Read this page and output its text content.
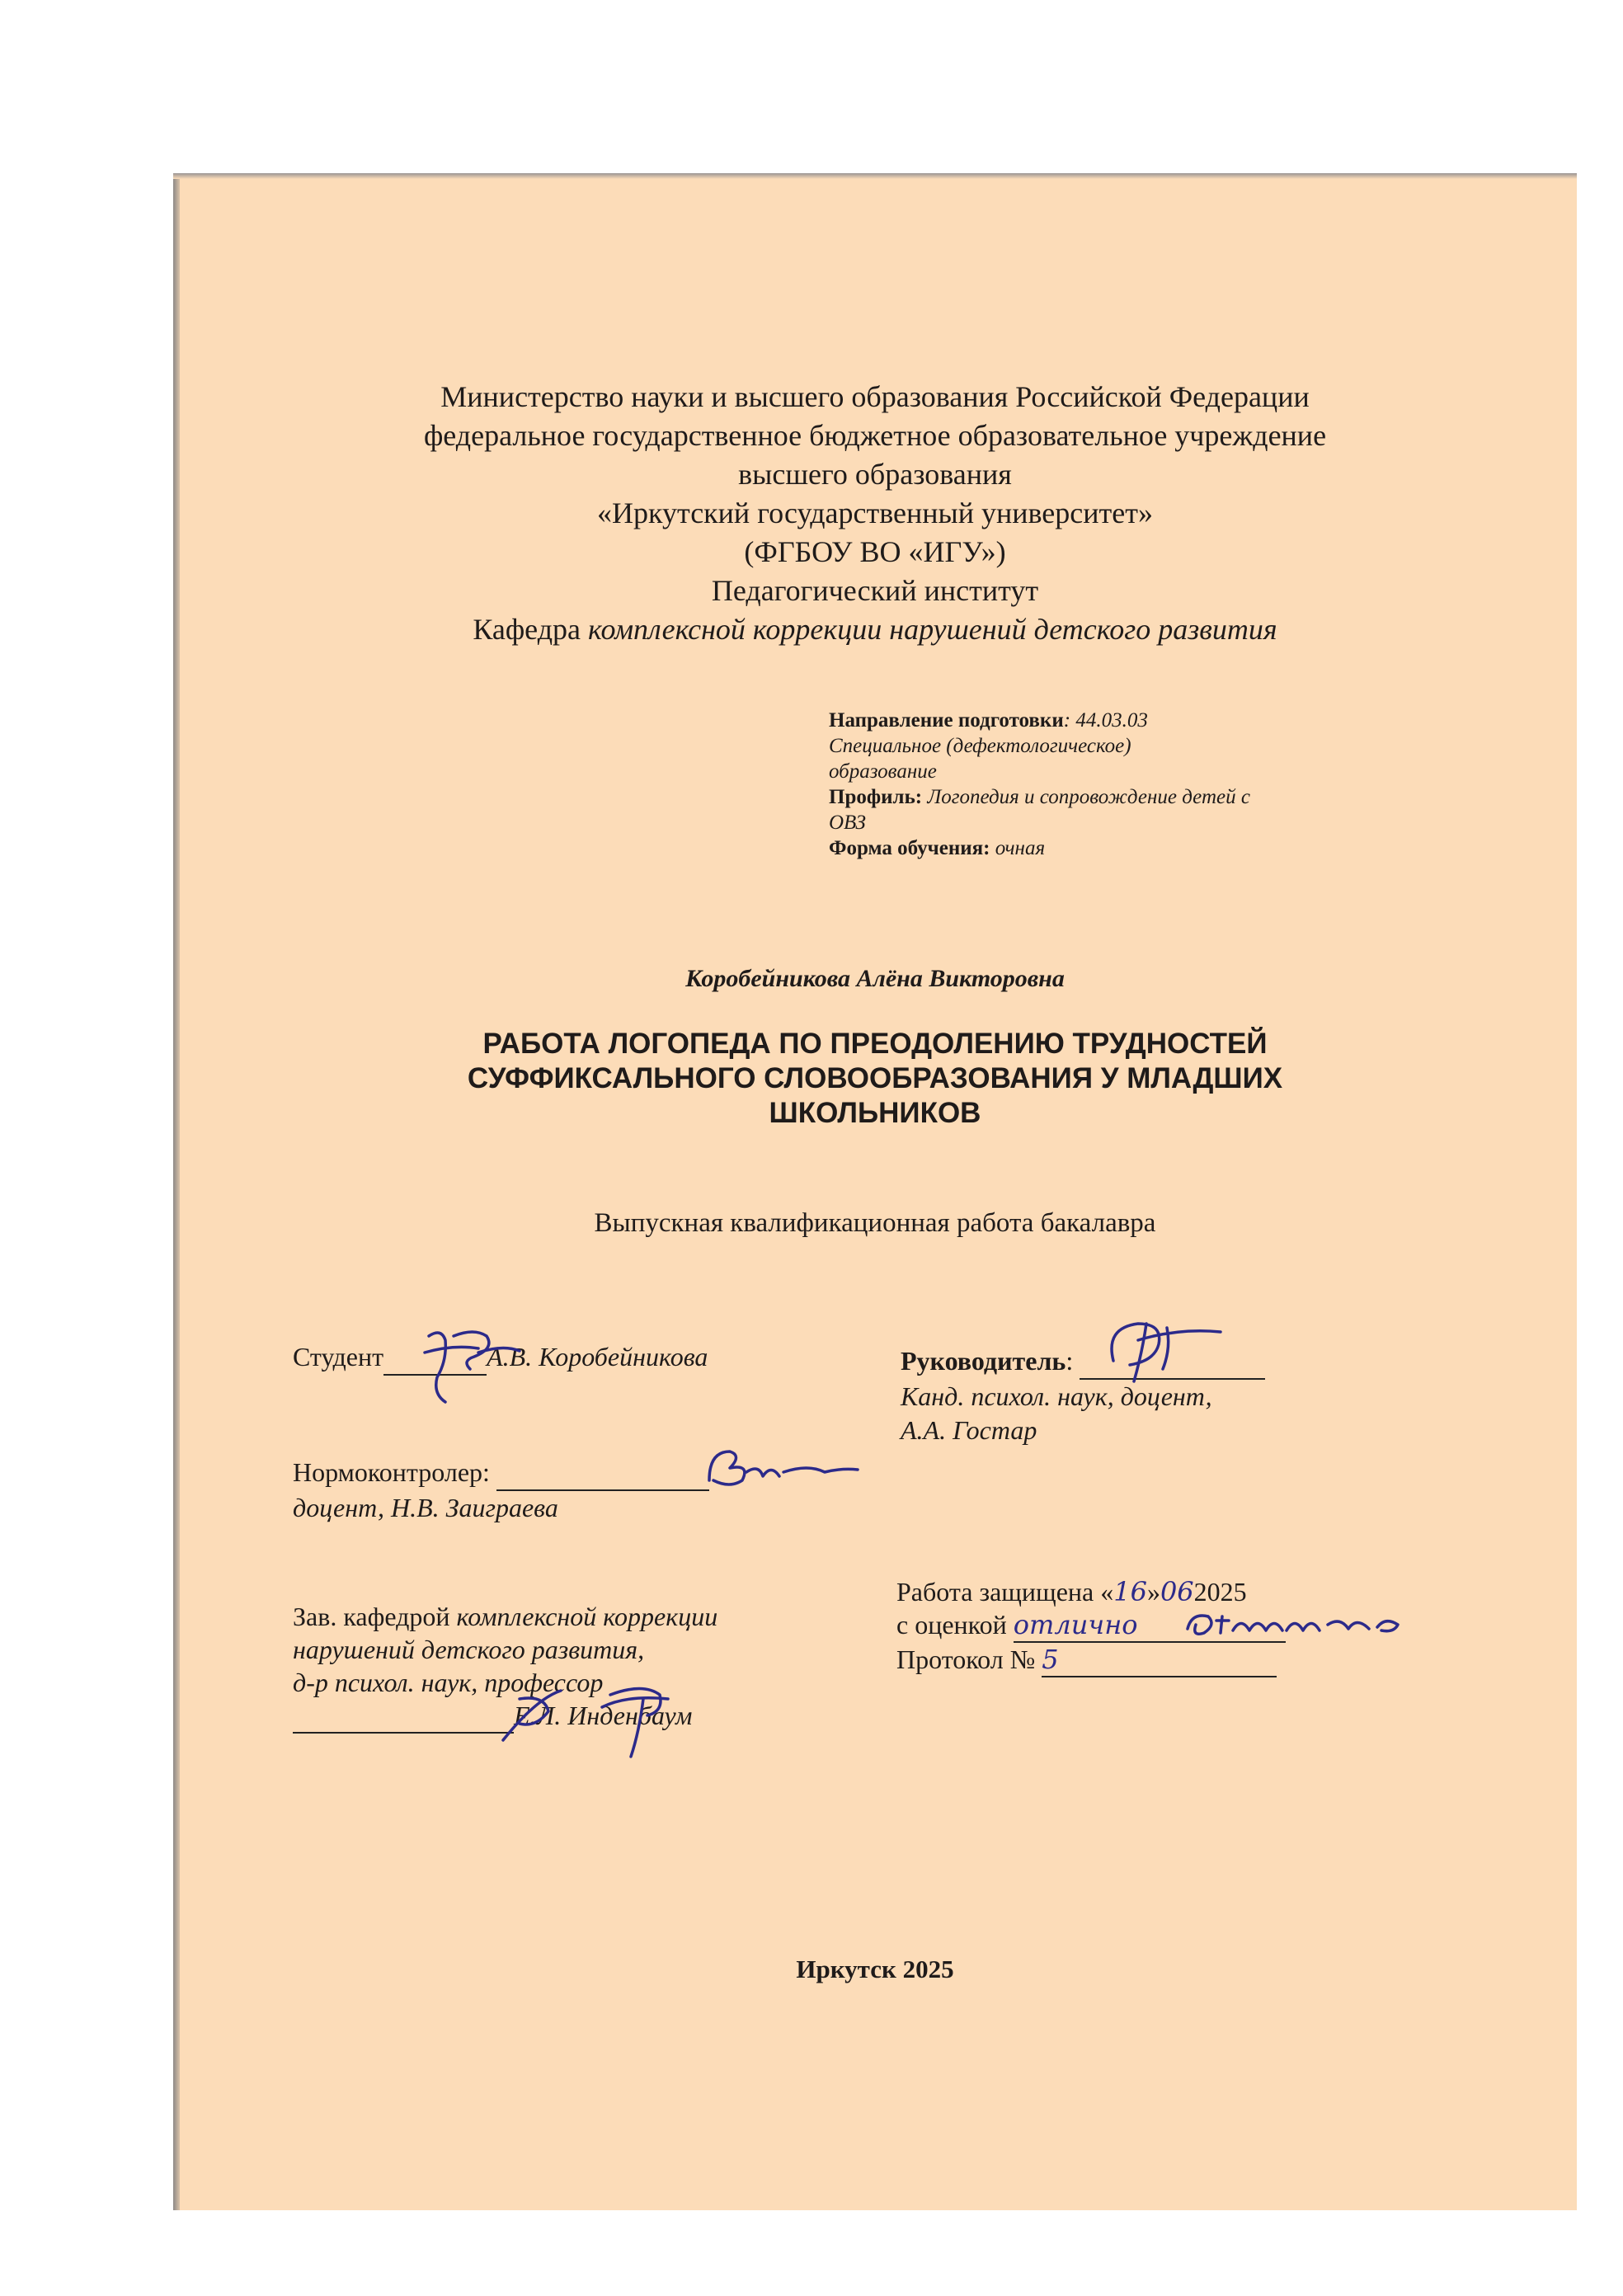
Министерство науки и высшего образования Российской Федерации
федеральное государственное бюджетное образовательное учреждение
высшего образования
«Иркутский государственный университет»
(ФГБОУ ВО «ИГУ»)
Педагогический институт
Кафедра комплексной коррекции нарушений детского развития
Направление подготовки: 44.03.03
Специальное (дефектологическое)
образование
Профиль: Логопедия и сопровождение детей с
ОВЗ
Форма обучения: очная
Коробейникова Алёна Викторовна
РАБОТА ЛОГОПЕДА ПО ПРЕОДОЛЕНИЮ ТРУДНОСТЕЙ
СУФФИКСАЛЬНОГО СЛОВООБРАЗОВАНИЯ У МЛАДШИХ
ШКОЛЬНИКОВ
Выпускная квалификационная работа бакалавра
Студент	А.В. Коробейникова	Руководитель:
Канд. психол. наук, доцент,
А.А. Гостар
Нормоконтролер:
доцент, Н.В. Заиграева
Зав. кафедрой комплексной коррекции
нарушений детского развития,
д-р психол. наук, профессор
Е.Л. Инденбаум
Работа защищена «16»062025
с оценкой отлично
Протокол № 5
Иркутск 2025
